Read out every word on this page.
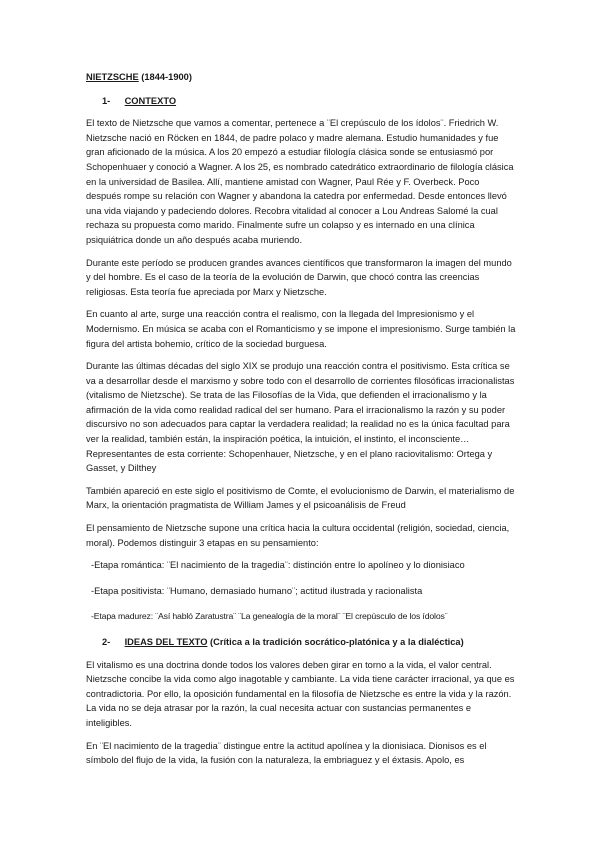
NIETZSCHE (1844-1900)
1- CONTEXTO

El texto de Nietzsche que vamos a comentar, pertenece a ¨El crepúsculo de los ídolos¨. Friedrich W. Nietzsche nació en Röcken en 1844, de padre polaco y madre alemana. Estudio humanidades y fue gran aficionado de la música. A los 20 empezó a estudiar filología clásica sonde se entusiasmó por Schopenhuaer y conoció a Wagner. A los 25, es nombrado catedrático extraordinario de filología clásica en la universidad de Basilea. Allí, mantiene amistad con Wagner, Paul Rée y F. Overbeck. Poco después rompe su relación con Wagner y abandona la catedra por enfermedad. Desde entonces llevó una vida viajando y padeciendo dolores. Recobra vitalidad al conocer a Lou Andreas Salomé la cual rechaza su propuesta como marido. Finalmente sufre un colapso y es internado en una clínica psiquiátrica donde un año después acaba muriendo.

Durante este período se producen grandes avances científicos que transformaron la imagen del mundo y del hombre. Es el caso de la teoría de la evolución de Darwin, que chocó contra las creencias religiosas. Esta teoría fue apreciada por Marx y Nietzsche.

En cuanto al arte, surge una reacción contra el realismo, con la llegada del Impresionismo y el Modernismo. En música se acaba con el Romanticismo y se impone el impresionismo. Surge también la figura del artista bohemio, crítico de la sociedad burguesa.

Durante las últimas décadas del siglo XIX se produjo una reacción contra el positivismo. Esta crítica se va a desarrollar desde el marxismo y sobre todo con el desarrollo de corrientes filosóficas irracionalistas (vitalismo de Nietzsche). Se trata de las Filosofías de la Vida, que defienden el irracionalismo y la afirmación de la vida como realidad radical del ser humano. Para el irracionalismo la razón y su poder discursivo no son adecuados para captar la verdadera realidad; la realidad no es la única facultad para ver la realidad, también están, la inspiración poética, la intuición, el instinto, el inconsciente… Representantes de esta corriente: Schopenhauer, Nietzsche, y en el plano raciovitalismo: Ortega y Gasset, y Dilthey

También apareció en este siglo el positivismo de Comte, el evolucionismo de Darwin, el materialismo de Marx, la orientación pragmatista de William James y el psicoanálisis de Freud

El pensamiento de Nietzsche supone una crítica hacia la cultura occidental (religión, sociedad, ciencia, moral). Podemos distinguir 3 etapas en su pensamiento:

-Etapa romántica: ¨El nacimiento de la tragedia¨: distinción entre lo apolíneo y lo dionisiaco
-Etapa positivista: ¨Humano, demasiado humano¨; actitud ilustrada y racionalista
-Etapa madurez: ¨Así habló Zaratustra¨ ¨La genealogía de la moral¨ ¨El crepúsculo de los ídolos¨
2- IDEAS DEL TEXTO (Crítica a la tradición socrático-platónica y a la dialéctica)

El vitalismo es una doctrina donde todos los valores deben girar en torno a la vida, el valor central. Nietzsche concibe la vida como algo inagotable y cambiante. La vida tiene carácter irracional, ya que es contradictoria. Por ello, la oposición fundamental en la filosofía de Nietzsche es entre la vida y la razón. La vida no se deja atrasar por la razón, la cual necesita actuar con sustancias permanentes e inteligibles.

En ¨El nacimiento de la tragedia¨ distingue entre la actitud apolínea y la dionisiaca. Dionisos es el símbolo del flujo de la vida, la fusión con la naturaleza, la embriaguez y el éxtasis. Apolo, es
